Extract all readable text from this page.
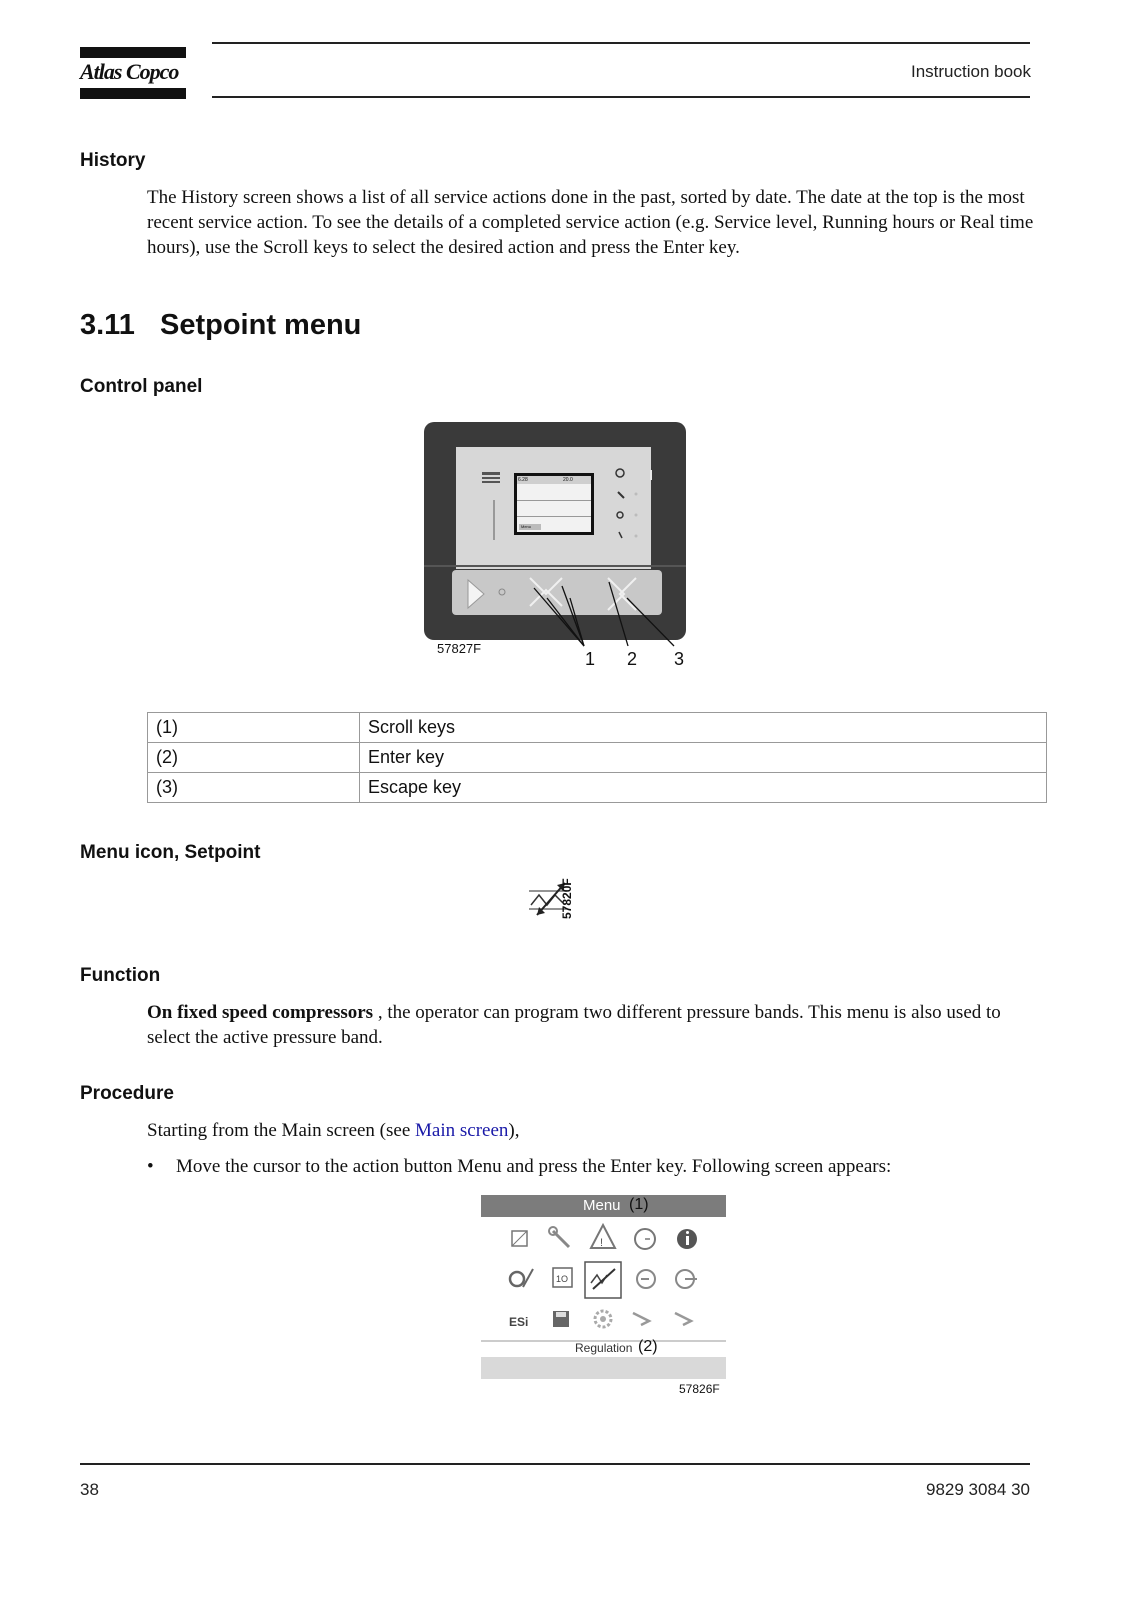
Atlas Copco	Instruction book
History
The History screen shows a list of all service actions done in the past, sorted by date. The date at the top is the most recent service action. To see the details of a completed service action (e.g. Service level, Running hours or Real time hours), use the Scroll keys to select the desired action and press the Enter key.
3.11 Setpoint menu
Control panel
6.28	20.0
Menu
57827F
1 2 3
(1)	Scroll keys
(2)	Enter key
(3)	Escape key
Menu icon, Setpoint
57820F
Function
On fixed speed compressors , the operator can program two different pressure bands. This menu is also used to select the active pressure band.
Procedure
Starting from the Main screen (see Main screen),
• Move the cursor to the action button Menu and press the Enter key. Following screen appears:
Menu (1)
!
1O
ESi
Regulation (2)
57826F
38	9829 3084 30
